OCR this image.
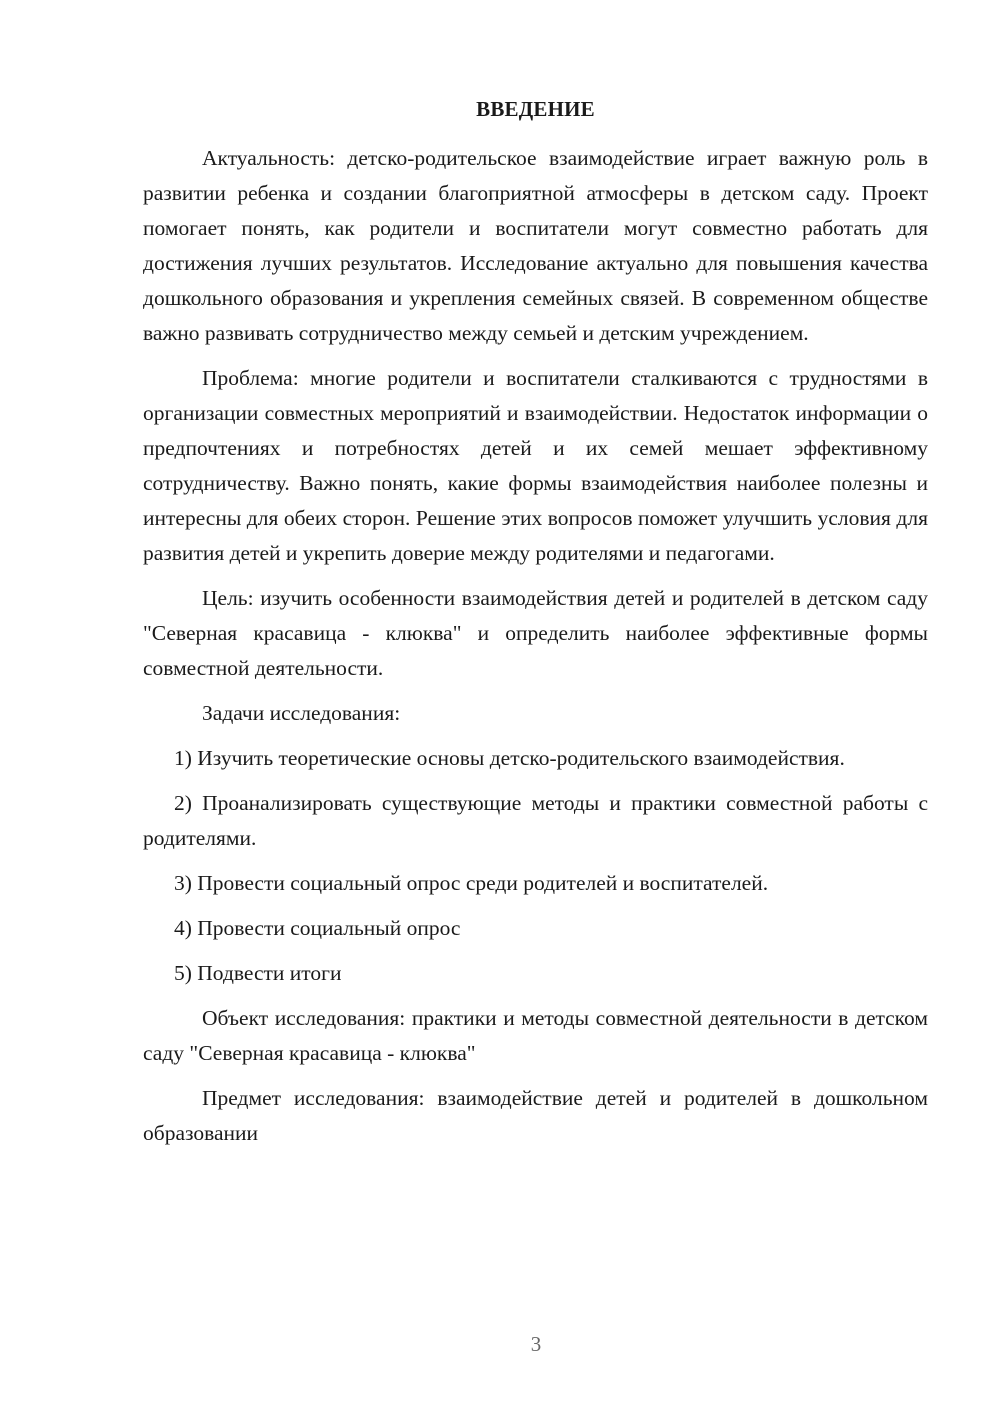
ВВЕДЕНИЕ

Актуальность: детско-родительское взаимодействие играет важную роль в развитии ребенка и создании благоприятной атмосферы в детском саду. Проект помогает понять, как родители и воспитатели могут совместно работать для достижения лучших результатов. Исследование актуально для повышения качества дошкольного образования и укрепления семейных связей. В современном обществе важно развивать сотрудничество между семьей и детским учреждением.

Проблема: многие родители и воспитатели сталкиваются с трудностями в организации совместных мероприятий и взаимодействии. Недостаток информации о предпочтениях и потребностях детей и их семей мешает эффективному сотрудничеству. Важно понять, какие формы взаимодействия наиболее полезны и интересны для обеих сторон. Решение этих вопросов поможет улучшить условия для развития детей и укрепить доверие между родителями и педагогами.

Цель: изучить особенности взаимодействия детей и родителей в детском саду "Северная красавица - клюква" и определить наиболее эффективные формы совместной деятельности.

Задачи исследования:

1) Изучить теоретические основы детско-родительского взаимодействия.

2) Проанализировать существующие методы и практики совместной работы с родителями.

3) Провести социальный опрос среди родителей и воспитателей.

4) Провести социальный опрос

5) Подвести итоги

Объект исследования: практики и методы совместной деятельности в детском саду "Северная красавица - клюква"

Предмет исследования: взаимодействие детей и родителей в дошкольном образовании

3
